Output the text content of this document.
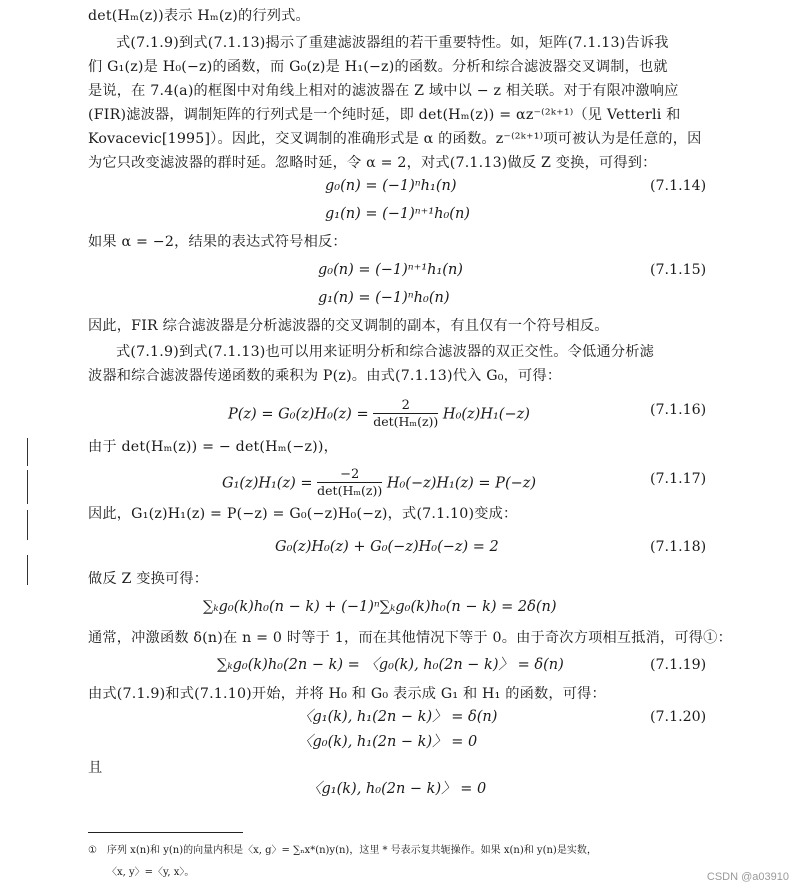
det(Hₘ(z))表示 Hₘ(z)的行列式。
式(7.1.9)到式(7.1.13)揭示了重建滤波器组的若干重要特性。如，矩阵(7.1.13)告诉我
们 G₁(z)是 H₀(−z)的函数，而 G₀(z)是 H₁(−z)的函数。分析和综合滤波器交叉调制，也就
是说，在 7.4(a)的框图中对角线上相对的滤波器在 Z 域中以 − z 相关联。对于有限冲激响应
(FIR)滤波器，调制矩阵的行列式是一个纯时延，即 det(Hₘ(z)) = αz⁻⁽²ᵏ⁺¹⁾（见 Vetterli 和
Kovacevic[1995]）。因此，交叉调制的准确形式是 α 的函数。z⁻⁽²ᵏ⁺¹⁾项可被认为是任意的，因
为它只改变滤波器的群时延。忽略时延，令 α = 2，对式(7.1.13)做反 Z 变换，可得到：
g₀(n) = (−1)ⁿh₁(n)	(7.1.14)
g₁(n) = (−1)ⁿ⁺¹h₀(n)
如果 α = −2，结果的表达式符号相反：
g₀(n) = (−1)ⁿ⁺¹h₁(n)	(7.1.15)
g₁(n) = (−1)ⁿh₀(n)
因此，FIR 综合滤波器是分析滤波器的交叉调制的副本，有且仅有一个符号相反。
式(7.1.9)到式(7.1.13)也可以用来证明分析和综合滤波器的双正交性。令低通分析滤
波器和综合滤波器传递函数的乘积为 P(z)。由式(7.1.13)代入 G₀，可得：
$P(z) = G_0(z)H_0(z) = \frac{2}{\text{det(Hₘ(z))}} H_0(z)H_1(-z)$	(7.1.16)
由于 det(Hₘ(z)) = − det(Hₘ(−z))，
$G_1(z)H_1(z) = \frac{-2}{\text{det(Hₘ(z))}} H_0(-z)H_1(z) = P(-z)$	(7.1.17)
因此，G₁(z)H₁(z) = P(−z) = G₀(−z)H₀(−z)，式(7.1.10)变成：
G₀(z)H₀(z) + G₀(−z)H₀(−z) = 2	(7.1.18)
做反 Z 变换可得：
∑ₖg₀(k)h₀(n − k) + (−1)ⁿ∑ₖg₀(k)h₀(n − k) = 2δ(n)
通常，冲激函数 δ(n)在 n = 0 时等于 1，而在其他情况下等于 0。由于奇次方项相互抵消，可得①：
∑ₖg₀(k)h₀(2n − k) = 〈g₀(k), h₀(2n − k)〉 = δ(n)	(7.1.19)
由式(7.1.9)和式(7.1.10)开始，并将 H₀ 和 G₀ 表示成 G₁ 和 H₁ 的函数，可得：
〈g₁(k), h₁(2n − k)〉 = δ(n)	(7.1.20)
〈g₀(k), h₁(2n − k)〉 = 0
且
〈g₁(k), h₀(2n − k)〉 = 0
① 序列 x(n)和 y(n)的向量内积是〈x, g〉= ∑ₙx*(n)y(n)，这里 * 号表示复共轭操作。如果 x(n)和 y(n)是实数，
〈x, y〉=〈y, x〉。	CSDN @a03910
